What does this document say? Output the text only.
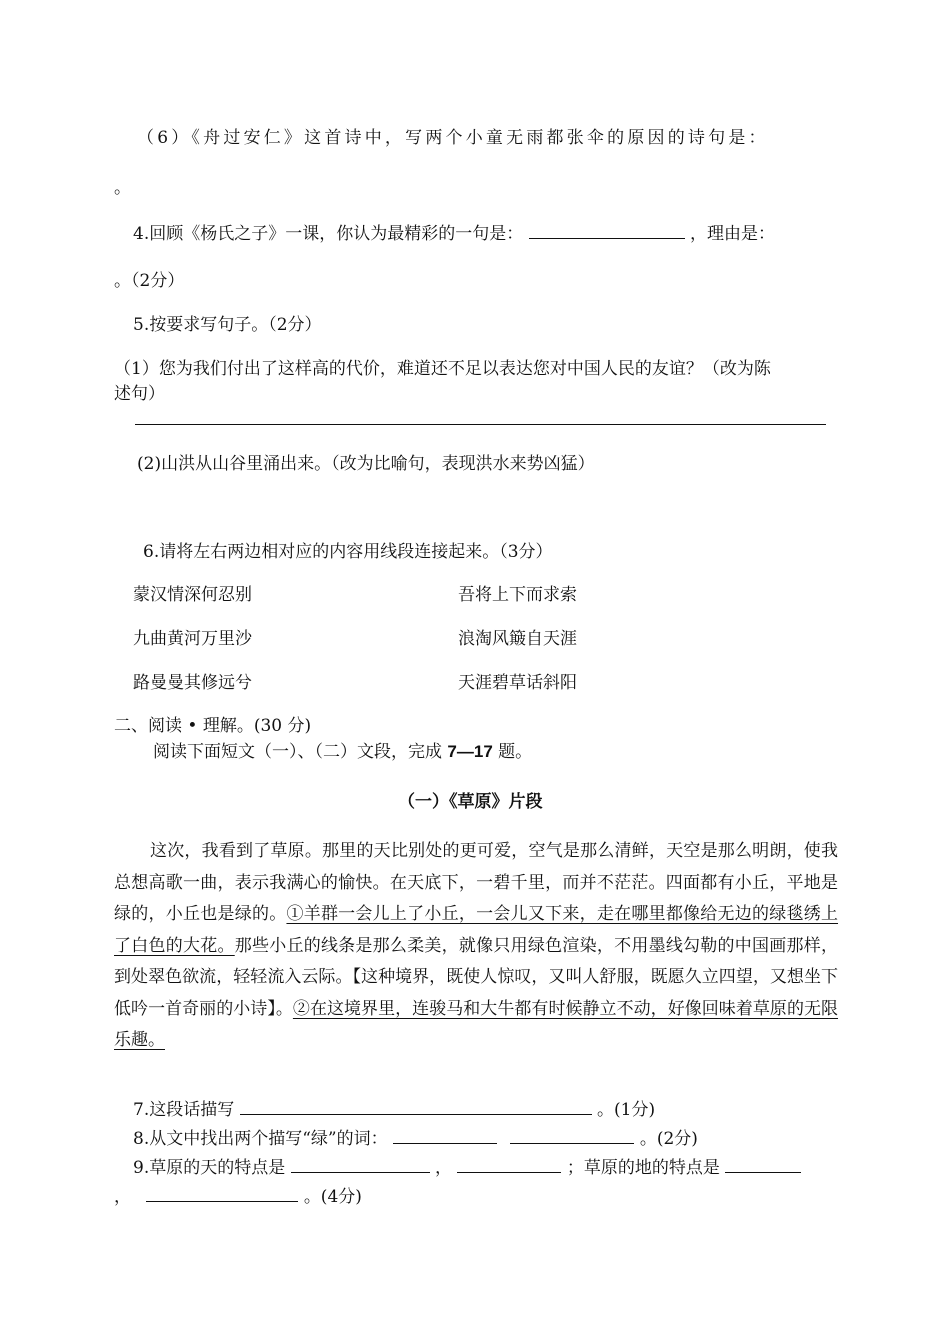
（6）《舟过安仁》这首诗中，写两个小童无雨都张伞的原因的诗句是：
。
4.回顾《杨氏之子》一课，你认为最精彩的一句是：	，理由是：
。（2分）
5.按要求写句子。（2分）
（1）您为我们付出了这样高的代价，难道还不足以表达您对中国人民的友谊？（改为陈
述句）
(2)山洪从山谷里涌出来。（改为比喻句，表现洪水来势凶猛）
6.请将左右两边相对应的内容用线段连接起来。（3分）
蒙汉情深何忍别	吾将上下而求索
九曲黄河万里沙	浪淘风簸自天涯
路曼曼其修远兮	天涯碧草话斜阳
二、阅读 • 理解。(30 分)
阅读下面短文（一）、（二）文段，完成 7—17 题。
（一）《草原》片段
这次，我看到了草原。那里的天比别处的更可爱，空气是那么清鲜，天空是那么明朗，使我总想高歌一曲，表示我满心的愉快。在天底下，一碧千里，而并不茫茫。四面都有小丘，平地是绿的，小丘也是绿的。①羊群一会儿上了小丘，一会儿又下来，走在哪里都像给无边的绿毯绣上了白色的大花。那些小丘的线条是那么柔美，就像只用绿色渲染，不用墨线勾勒的中国画那样，到处翠色欲流，轻轻流入云际。【这种境界，既使人惊叹，又叫人舒服，既愿久立四望，又想坐下低吟一首奇丽的小诗】。②在这境界里，连骏马和大牛都有时候静立不动，好像回味着草原的无限乐趣。
7.这段话描写	。(1分)
8.从文中找出两个描写“绿”的词：	。(2分)
9.草原的天的特点是	，	；草原的地的特点是
，	。(4分)
